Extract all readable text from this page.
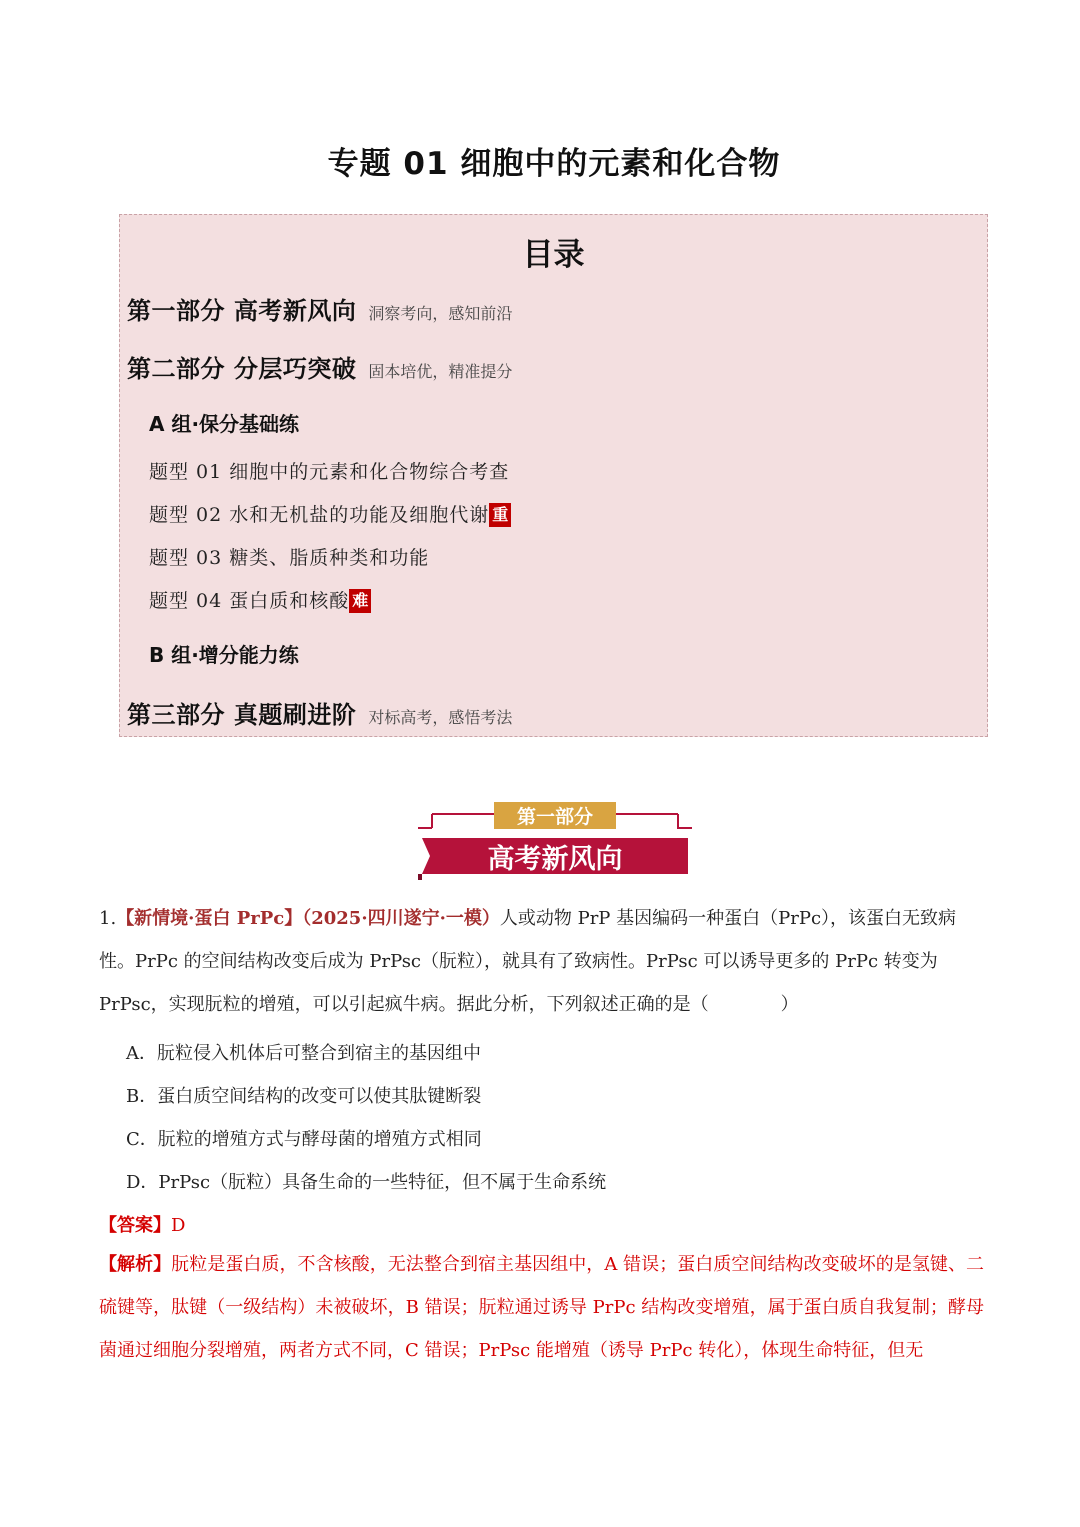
专题 01 细胞中的元素和化合物
目录
第一部分 高考新风向 洞察考向，感知前沿
第二部分 分层巧突破 固本培优，精准提分
A 组·保分基础练
题型 01 细胞中的元素和化合物综合考查
题型 02 水和无机盐的功能及细胞代谢 重
题型 03 糖类、脂质种类和功能
题型 04 蛋白质和核酸 难
B 组·增分能力练
第三部分 真题刷进阶 对标高考，感悟考法
第一部分
高考新风向
1.【新情境·蛋白 PrPc】（2025·四川遂宁·一模）人或动物 PrP 基因编码一种蛋白（PrPc），该蛋白无致病性。PrPc 的空间结构改变后成为 PrPsc（朊粒），就具有了致病性。PrPsc 可以诱导更多的 PrPc 转变为 PrPsc，实现朊粒的增殖，可以引起疯牛病。据此分析，下列叙述正确的是（　　　　）
A．朊粒侵入机体后可整合到宿主的基因组中
B．蛋白质空间结构的改变可以使其肽键断裂
C．朊粒的增殖方式与酵母菌的增殖方式相同
D．PrPsc（朊粒）具备生命的一些特征，但不属于生命系统
【答案】D
【解析】朊粒是蛋白质，不含核酸，无法整合到宿主基因组中，A 错误；蛋白质空间结构改变破坏的是氢键、二硫键等，肽键（一级结构）未被破坏，B 错误；朊粒通过诱导 PrPc 结构改变增殖，属于蛋白质自我复制；酵母菌通过细胞分裂增殖，两者方式不同，C 错误；PrPsc 能增殖（诱导 PrPc 转化），体现生命特征，但无
